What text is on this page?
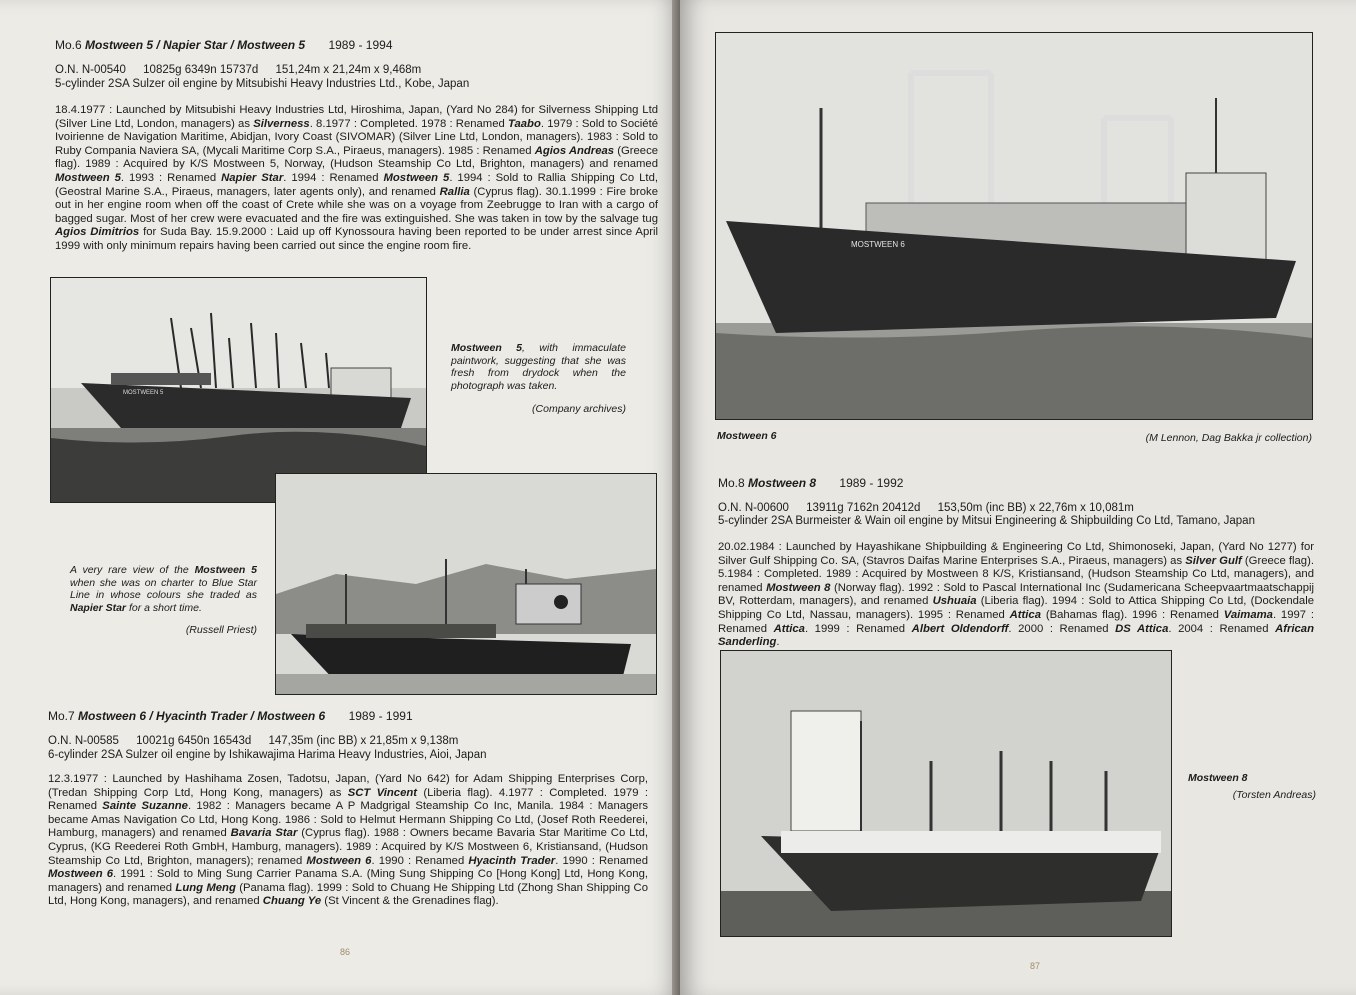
Mo.6 Mostween 5 / Napier Star / Mostween 5 1989 - 1994
O.N. N-00540 10825g 6349n 15737d 151,24m x 21,24m x 9,468m
5-cylinder 2SA Sulzer oil engine by Mitsubishi Heavy Industries Ltd., Kobe, Japan
18.4.1977 : Launched by Mitsubishi Heavy Industries Ltd, Hiroshima, Japan, (Yard No 284) for Silverness Shipping Ltd (Silver Line Ltd, London, managers) as Silverness. 8.1977 : Completed. 1978 : Renamed Taabo. 1979 : Sold to Société Ivoirienne de Navigation Maritime, Abidjan, Ivory Coast (SIVOMAR) (Silver Line Ltd, London, managers). 1983 : Sold to Ruby Compania Naviera SA, (Mycali Maritime Corp S.A., Piraeus, managers). 1985 : Renamed Agios Andreas (Greece flag). 1989 : Acquired by K/S Mostween 5, Norway, (Hudson Steamship Co Ltd, Brighton, managers) and renamed Mostween 5. 1993 : Renamed Napier Star. 1994 : Renamed Mostween 5. 1994 : Sold to Rallia Shipping Co Ltd, (Geostral Marine S.A., Piraeus, managers, later agents only), and renamed Rallia (Cyprus flag). 30.1.1999 : Fire broke out in her engine room when off the coast of Crete while she was on a voyage from Zeebrugge to Iran with a cargo of bagged sugar. Most of her crew were evacuated and the fire was extinguished. She was taken in tow by the salvage tug Agios Dimitrios for Suda Bay. 15.9.2000 : Laid up off Kynossoura having been reported to be under arrest since April 1999 with only minimum repairs having been carried out since the engine room fire.
MOSTWEEN 5
Mostween 5, with immaculate paintwork, suggesting that she was fresh from drydock when the photograph was taken.
(Company archives)
A very rare view of the Mostween 5 when she was on charter to Blue Star Line in whose colours she traded as Napier Star for a short time.
(Russell Priest)
Mo.7 Mostween 6 / Hyacinth Trader / Mostween 6 1989 - 1991
O.N. N-00585 10021g 6450n 16543d 147,35m (inc BB) x 21,85m x 9,138m
6-cylinder 2SA Sulzer oil engine by Ishikawajima Harima Heavy Industries, Aioi, Japan
12.3.1977 : Launched by Hashihama Zosen, Tadotsu, Japan, (Yard No 642) for Adam Shipping Enterprises Corp, (Tredan Shipping Corp Ltd, Hong Kong, managers) as SCT Vincent (Liberia flag). 4.1977 : Completed. 1979 : Renamed Sainte Suzanne. 1982 : Managers became A P Madgrigal Steamship Co Inc, Manila. 1984 : Managers became Amas Navigation Co Ltd, Hong Kong. 1986 : Sold to Helmut Hermann Shipping Co Ltd, (Josef Roth Reederei, Hamburg, managers) and renamed Bavaria Star (Cyprus flag). 1988 : Owners became Bavaria Star Maritime Co Ltd, Cyprus, (KG Reederei Roth GmbH, Hamburg, managers). 1989 : Acquired by K/S Mostween 6, Kristiansand, (Hudson Steamship Co Ltd, Brighton, managers); renamed Mostween 6. 1990 : Renamed Hyacinth Trader. 1990 : Renamed Mostween 6. 1991 : Sold to Ming Sung Carrier Panama S.A. (Ming Sung Shipping Co [Hong Kong] Ltd, Hong Kong, managers) and renamed Lung Meng (Panama flag). 1999 : Sold to Chuang He Shipping Ltd (Zhong Shan Shipping Co Ltd, Hong Kong, managers), and renamed Chuang Ye (St Vincent & the Grenadines flag).
86
MOSTWEEN 6
Mostween 6	(M Lennon, Dag Bakka jr collection)
Mo.8 Mostween 8 1989 - 1992
O.N. N-00600 13911g 7162n 20412d 153,50m (inc BB) x 22,76m x 10,081m
5-cylinder 2SA Burmeister & Wain oil engine by Mitsui Engineering & Shipbuilding Co Ltd, Tamano, Japan
20.02.1984 : Launched by Hayashikane Shipbuilding & Engineering Co Ltd, Shimonoseki, Japan, (Yard No 1277) for Silver Gulf Shipping Co. SA, (Stavros Daifas Marine Enterprises S.A., Piraeus, managers) as Silver Gulf (Greece flag). 5.1984 : Completed. 1989 : Acquired by Mostween 8 K/S, Kristiansand, (Hudson Steamship Co Ltd, managers), and renamed Mostween 8 (Norway flag). 1992 : Sold to Pascal International Inc (Sudamericana Scheepvaartmaatschappij BV, Rotterdam, managers), and renamed Ushuaia (Liberia flag). 1994 : Sold to Attica Shipping Co Ltd, (Dockendale Shipping Co Ltd, Nassau, managers). 1995 : Renamed Attica (Bahamas flag). 1996 : Renamed Vaimama. 1997 : Renamed Attica. 1999 : Renamed Albert Oldendorff. 2000 : Renamed DS Attica. 2004 : Renamed African Sanderling.
Mostween 8
(Torsten Andreas)
87
